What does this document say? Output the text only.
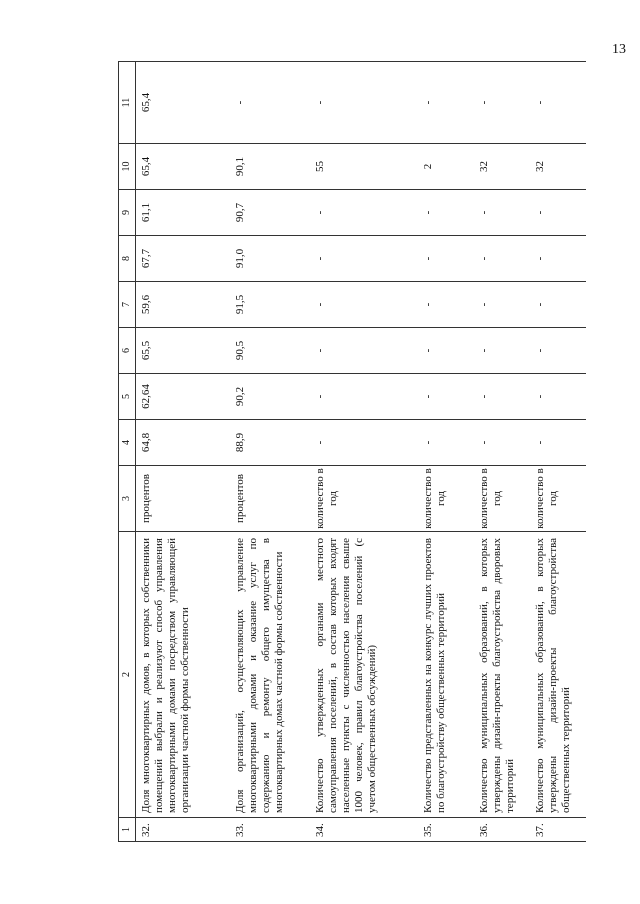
13
1	2	3	4	5	6	7	8	9	10	11
32.	Доля многоквартирных домов, в которых собственники помещений выбрали и реализуют способ управления многоквартирными домами посредством управляющей организации частной формы собственности	процентов	64,8	62,64	65,5	59,6	67,7	61,1	65,4	65,4
33.	Доля организаций, осуществляющих управление многоквартирными домами и оказание услуг по содержанию и ремонту общего имущества в многоквартирных домах частной формы собственности	процентов	88,9	90,2	90,5	91,5	91,0	90,7	90,1	-
34.	Количество утвержденных органами местного самоуправления поселений, в состав которых входят населенные пункты с численностью населения свыше 1000 человек, правил благоустройства поселений (с учетом общественных обсуждений)	количество в год	-	-	-	-	-	-	55	-
35.	Количество представленных на конкурс лучших проектов по благоустройству общественных территорий	количество в год	-	-	-	-	-	-	2	-
36.	Количество муниципальных образований, в которых утверждены дизайн-проекты благоустройства дворовых территорий	количество в год	-	-	-	-	-	-	32	-
37.	Количество муниципальных образований, в которых утверждены дизайн-проекты благоустройства общественных территорий	количество в год	-	-	-	-	-	-	32	-
